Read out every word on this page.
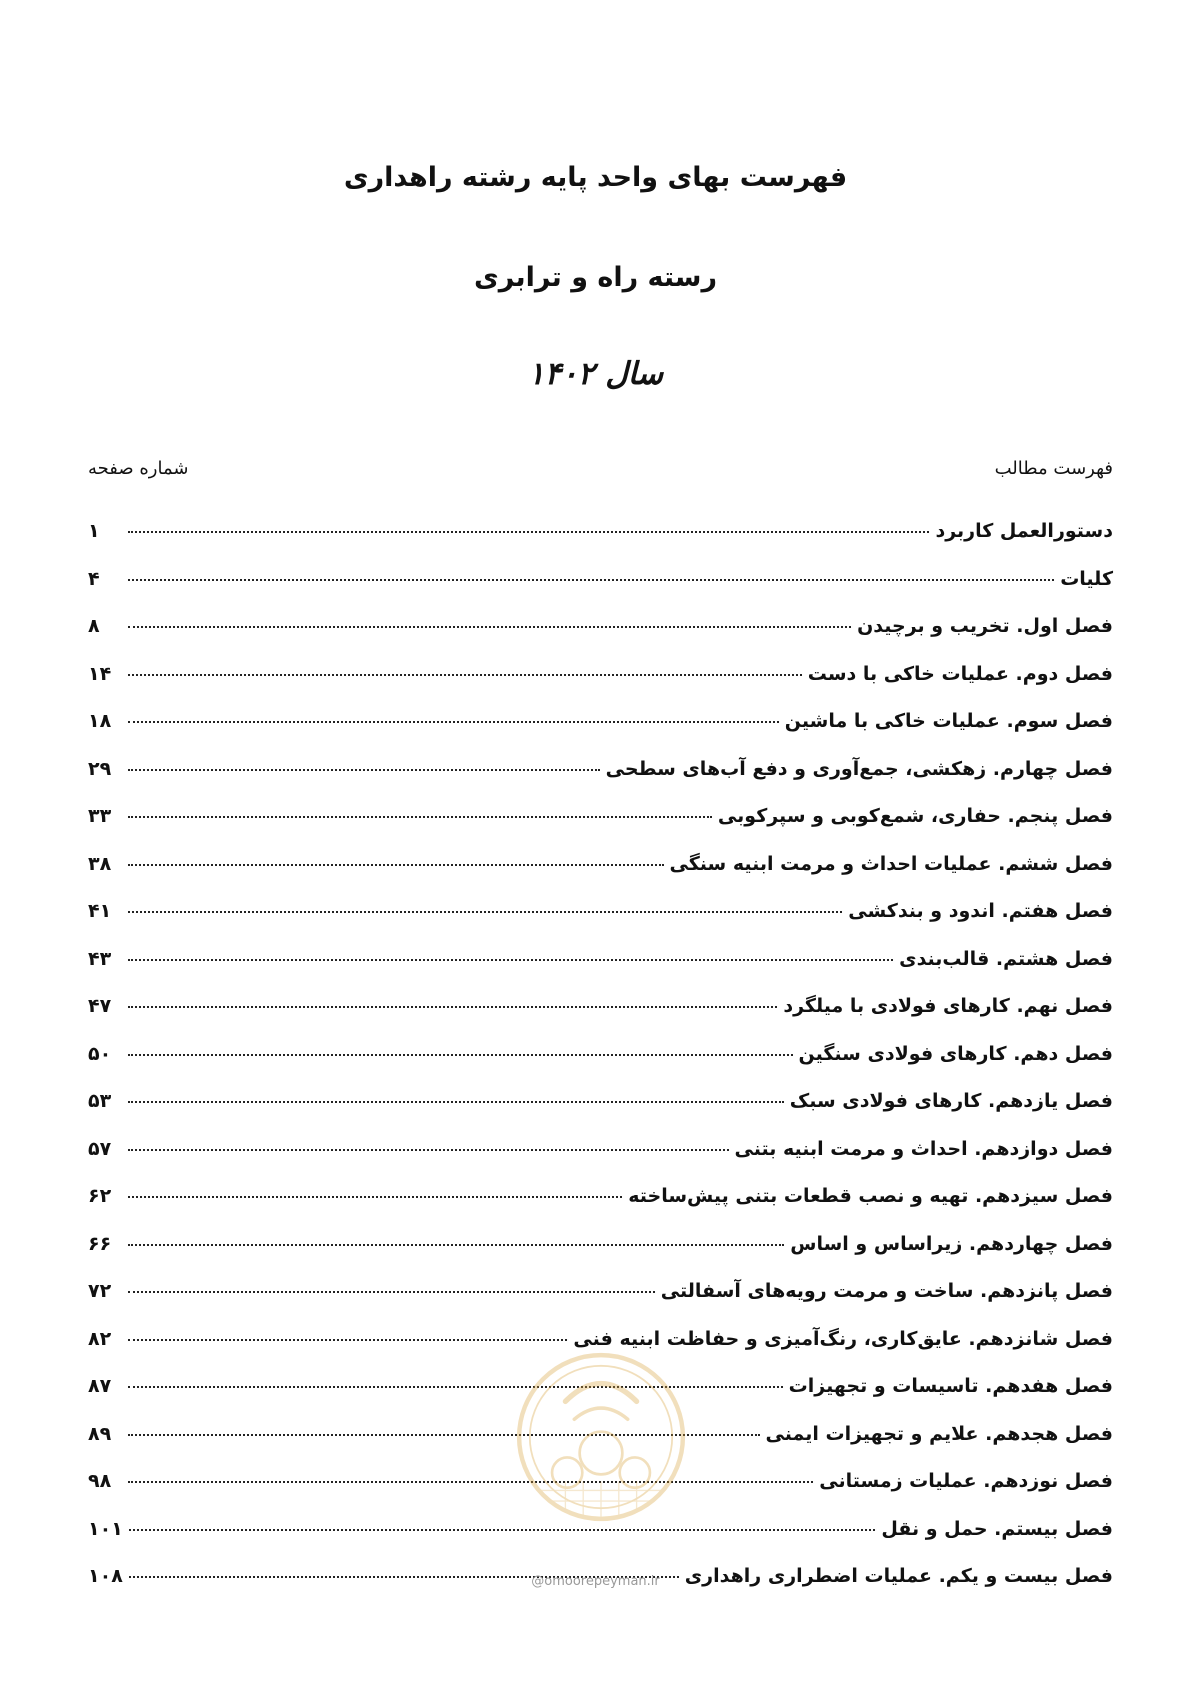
فهرست بهای واحد پایه رشته راهداری
رسته راه و ترابری
سال ۱۴۰۲
فهرست مطالب
شماره صفحه
دستورالعمل کاربرد
۱
کلیات
۴
فصل اول. تخریب و برچیدن
۸
فصل دوم. عملیات خاکی با دست
۱۴
فصل سوم. عملیات خاکی با ماشین
۱۸
فصل چهارم. زهکشی، جمع‌آوری و دفع آب‌های سطحی
۲۹
فصل پنجم. حفاری، شمع‌کوبی و سپرکوبی
۳۳
فصل ششم. عملیات احداث و مرمت ابنیه سنگی
۳۸
فصل هفتم. اندود و بندکشی
۴۱
فصل هشتم. قالب‌بندی
۴۳
فصل نهم. کارهای فولادی با میلگرد
۴۷
فصل دهم. کارهای فولادی سنگین
۵۰
فصل یازدهم. کارهای فولادی سبک
۵۳
فصل دوازدهم. احداث و مرمت ابنیه بتنی
۵۷
فصل سیزدهم. تهیه و نصب قطعات بتنی پیش‌ساخته
۶۲
فصل چهاردهم. زیراساس و اساس
۶۶
فصل پانزدهم. ساخت و مرمت رویه‌های آسفالتی
۷۲
فصل شانزدهم. عایق‌کاری، رنگ‌آمیزی و حفاظت ابنیه فنی
۸۲
فصل هفدهم. تاسیسات و تجهیزات
۸۷
فصل هجدهم. علایم و تجهیزات ایمنی
۸۹
فصل نوزدهم. عملیات زمستانی
۹۸
فصل بیستم. حمل و نقل
۱۰۱
فصل بیست و یکم. عملیات اضطراری راهداری
۱۰۸	@omoorepeyman.ir
